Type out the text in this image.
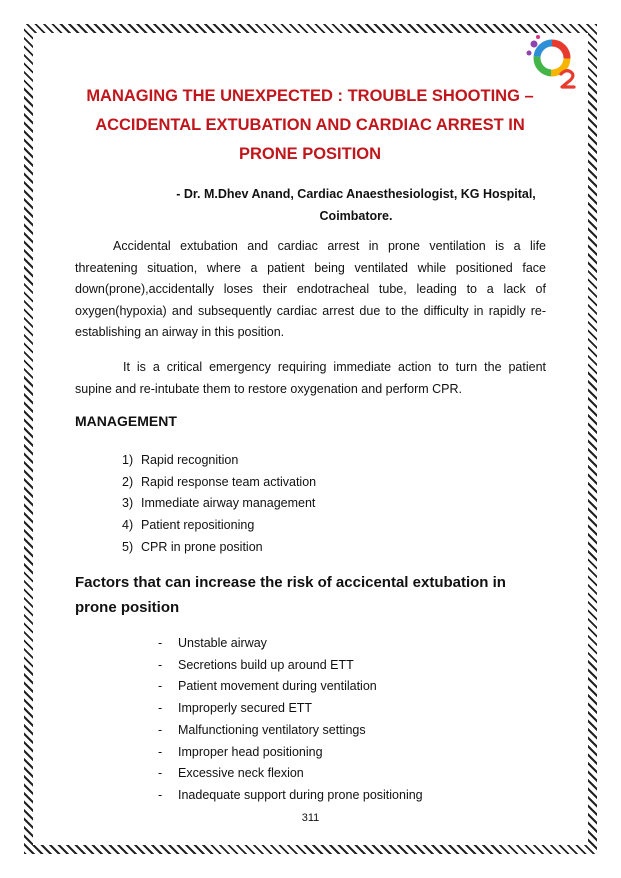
MANAGING THE UNEXPECTED : TROUBLE SHOOTING –
ACCIDENTAL EXTUBATION AND CARDIAC ARREST IN
PRONE POSITION
- Dr. M.Dhev Anand, Cardiac Anaesthesiologist, KG Hospital,
Coimbatore.

Accidental extubation and cardiac arrest in prone ventilation is a life threatening situation, where a patient being ventilated while positioned face down(prone),accidentally loses their endotracheal tube, leading to a lack of oxygen(hypoxia) and subsequently cardiac arrest due to the difficulty in rapidly re-establishing an airway in this position.

It is a critical emergency requiring immediate action to turn the patient supine and re-intubate them to restore oxygenation and perform CPR.

MANAGEMENT
1) Rapid recognition
2) Rapid response team activation
3) Immediate airway management
4) Patient repositioning
5) CPR in prone position
Factors that can increase the risk of accicental extubation in prone position
- Unstable airway
- Secretions build up around ETT
- Patient movement during ventilation
- Improperly secured ETT
- Malfunctioning ventilatory settings
- Improper head positioning
- Excessive neck flexion
- Inadequate support during prone positioning
311
